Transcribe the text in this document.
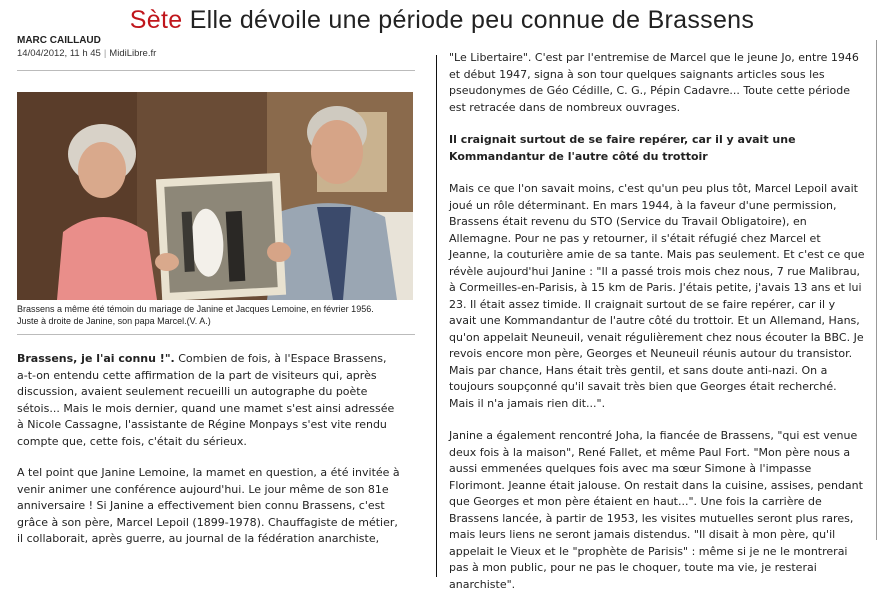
Sète Elle dévoile une période peu connue de Brassens
MARC CAILLAUD
14/04/2012, 11 h 45 | MidiLibre.fr
Brassens a même été témoin du mariage de Janine et Jacques Lemoine, en février 1956.
Juste à droite de Janine, son papa Marcel.(V. A.)

Brassens, je l'ai connu !". Combien de fois, à l'Espace Brassens, a-t-on entendu cette affirmation de la part de visiteurs qui, après discussion, avaient seulement recueilli un autographe du poète sétois... Mais le mois dernier, quand une mamet s'est ainsi adressée à Nicole Cassagne, l'assistante de Régine Monpays s'est vite rendu compte que, cette fois, c'était du sérieux.

A tel point que Janine Lemoine, la mamet en question, a été invitée à venir animer une conférence aujourd'hui. Le jour même de son 81e anniversaire ! Si Janine a effectivement bien connu Brassens, c'est grâce à son père, Marcel Lepoil (1899-1978). Chauffagiste de métier, il collaborait, après guerre, au journal de la fédération anarchiste,

"Le Libertaire". C'est par l'entremise de Marcel que le jeune Jo, entre 1946 et début 1947, signa à son tour quelques saignants articles sous les pseudonymes de Géo Cédille, C. G., Pépin Cadavre... Toute cette période est retracée dans de nombreux ouvrages.

Il craignait surtout de se faire repérer, car il y avait une Kommandantur de l'autre côté du trottoir

Mais ce que l'on savait moins, c'est qu'un peu plus tôt, Marcel Lepoil avait joué un rôle déterminant. En mars 1944, à la faveur d'une permission, Brassens était revenu du STO (Service du Travail Obligatoire), en Allemagne. Pour ne pas y retourner, il s'était réfugié chez Marcel et Jeanne, la couturière amie de sa tante. Mais pas seulement. Et c'est ce que révèle aujourd'hui Janine : "Il a passé trois mois chez nous, 7 rue Malibrau, à Cormeilles-en-Parisis, à 15 km de Paris. J'étais petite, j'avais 13 ans et lui 23. Il était assez timide. Il craignait surtout de se faire repérer, car il y avait une Kommandantur de l'autre côté du trottoir. Et un Allemand, Hans, qu'on appelait Neuneuil, venait régulièrement chez nous écouter la BBC. Je revois encore mon père, Georges et Neuneuil réunis autour du transistor. Mais par chance, Hans était très gentil, et sans doute anti-nazi. On a toujours soupçonné qu'il savait très bien que Georges était recherché. Mais il n'a jamais rien dit...".

Janine a également rencontré Joha, la fiancée de Brassens, "qui est venue deux fois à la maison", René Fallet, et même Paul Fort. "Mon père nous a aussi emmenées quelques fois avec ma sœur Simone à l'impasse Florimont. Jeanne était jalouse. On restait dans la cuisine, assises, pendant que Georges et mon père étaient en haut...". Une fois la carrière de Brassens lancée, à partir de 1953, les visites mutuelles seront plus rares, mais leurs liens ne seront jamais distendus. "Il disait à mon père, qu'il appelait le Vieux et le "prophète de Parisis" : même si je ne le montrerai pas à mon public, pour ne pas le choquer, toute ma vie, je resterai anarchiste".
